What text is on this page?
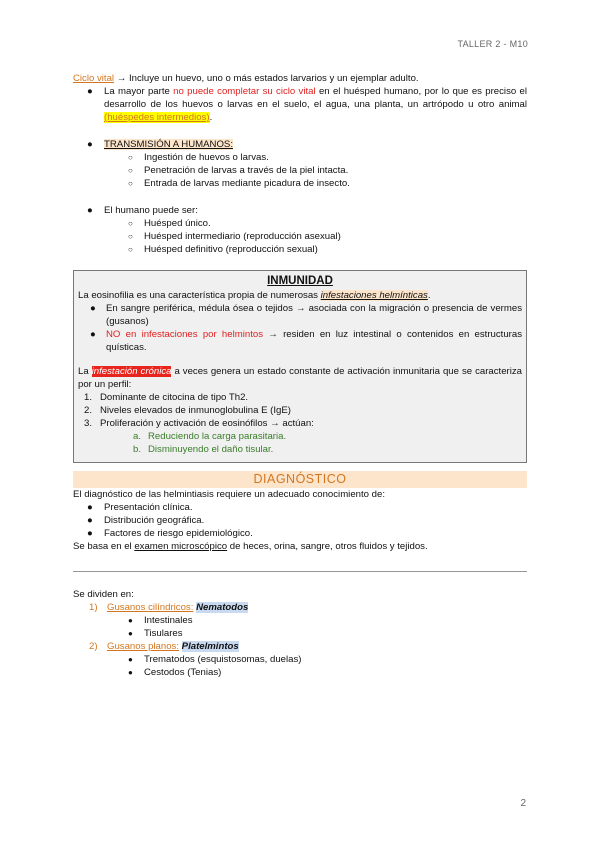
TALLER 2 - M10

Ciclo vital → Incluye un huevo, uno o más estados larvarios y un ejemplar adulto.

● La mayor parte no puede completar su ciclo vital en el huésped humano, por lo que es preciso el desarrollo de los huevos o larvas en el suelo, el agua, una planta, un artrópodo u otro animal (huéspedes intermedios).

● TRANSMISIÓN A HUMANOS:

○ Ingestión de huevos o larvas.

○ Penetración de larvas a través de la piel intacta.

○ Entrada de larvas mediante picadura de insecto.

● El humano puede ser:

○ Huésped único.

○ Huésped intermediario (reproducción asexual)

○ Huésped definitivo (reproducción sexual)

INMUNIDAD

La eosinofilia es una característica propia de numerosas infestaciones helmínticas.

● En sangre periférica, médula ósea o tejidos → asociada con la migración o presencia de vermes (gusanos)

● NO en infestaciones por helmintos → residen en luz intestinal o contenidos en estructuras quísticas.

La infestación crónica a veces genera un estado constante de activación inmunitaria que se caracteriza por un perfil:

1. Dominante de citocina de tipo Th2.

2. Niveles elevados de inmunoglobulina E (IgE)

3. Proliferación y activación de eosinófilos → actúan:

a. Reduciendo la carga parasitaria.

b. Disminuyendo el daño tisular.

DIAGNÓSTICO

El diagnóstico de las helmintiasis requiere un adecuado conocimiento de:

● Presentación clínica.

● Distribución geográfica.

● Factores de riesgo epidemiológico.

Se basa en el examen microscópico de heces, orina, sangre, otros fluidos y tejidos.

Se dividen en:

1) Gusanos cilíndricos: Nematodos

● Intestinales

● Tisulares

2) Gusanos planos: Platelmintos

● Trematodos (esquistosomas, duelas)

● Cestodos (Tenias)

2
